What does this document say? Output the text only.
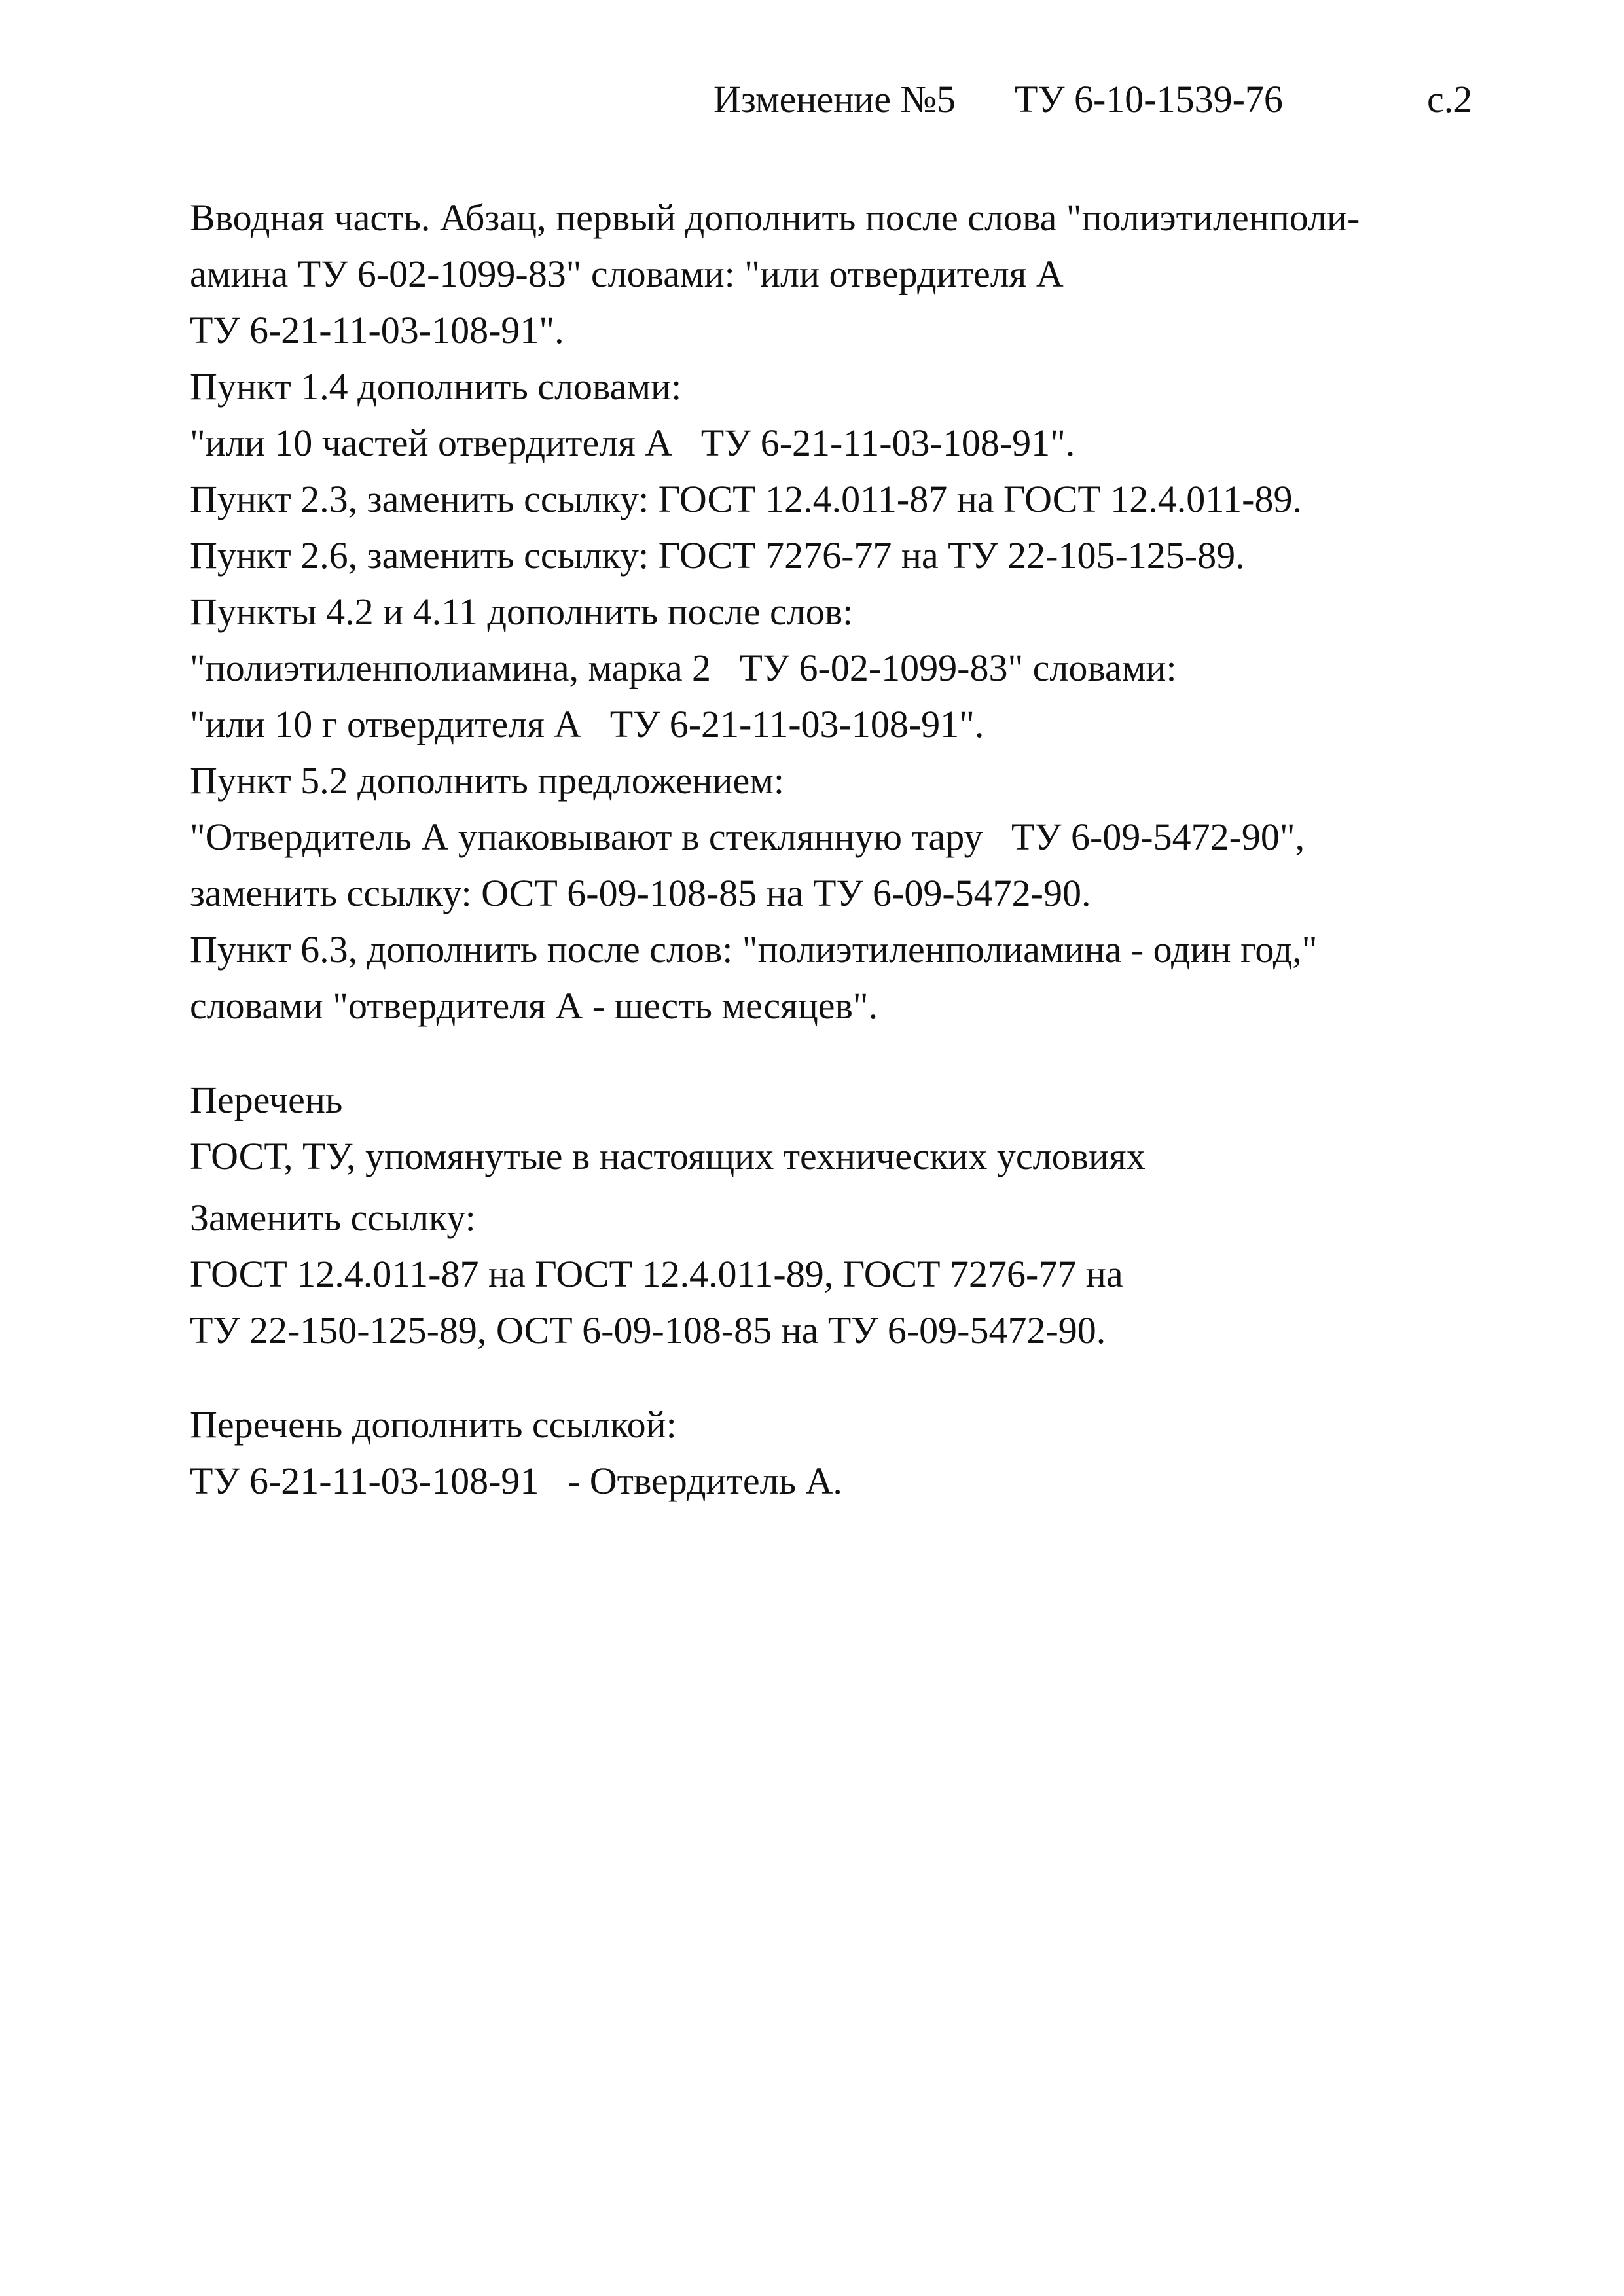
Изменение №5 ТУ 6-10-1539-76	с.2
Вводная часть. Абзац, первый дополнить после слова "полиэтиленполи-
амина ТУ 6-02-1099-83" словами: "или отвердителя А
ТУ 6-21-11-03-108-91".
Пункт 1.4 дополнить словами:
"или 10 частей отвердителя А   ТУ 6-21-11-03-108-91".
Пункт 2.3, заменить ссылку: ГОСТ 12.4.011-87 на ГОСТ 12.4.011-89.
Пункт 2.6, заменить ссылку: ГОСТ 7276-77 на ТУ 22-105-125-89.
Пункты 4.2 и 4.11 дополнить после слов:
"полиэтиленполиамина, марка 2   ТУ 6-02-1099-83" словами:
"или 10 г отвердителя А   ТУ 6-21-11-03-108-91".
Пункт 5.2 дополнить предложением:
"Отвердитель А упаковывают в стеклянную тару   ТУ 6-09-5472-90",
заменить ссылку: ОСТ 6-09-108-85 на ТУ 6-09-5472-90.
Пункт 6.3, дополнить после слов: "полиэтиленполиамина - один год,"
словами "отвердителя А - шесть месяцев".
Перечень
ГОСТ, ТУ, упомянутые в настоящих технических условиях
Заменить ссылку:
ГОСТ 12.4.011-87 на ГОСТ 12.4.011-89, ГОСТ 7276-77 на
ТУ 22-150-125-89, ОСТ 6-09-108-85 на ТУ 6-09-5472-90.
Перечень дополнить ссылкой:
ТУ 6-21-11-03-108-91   - Отвердитель А.
